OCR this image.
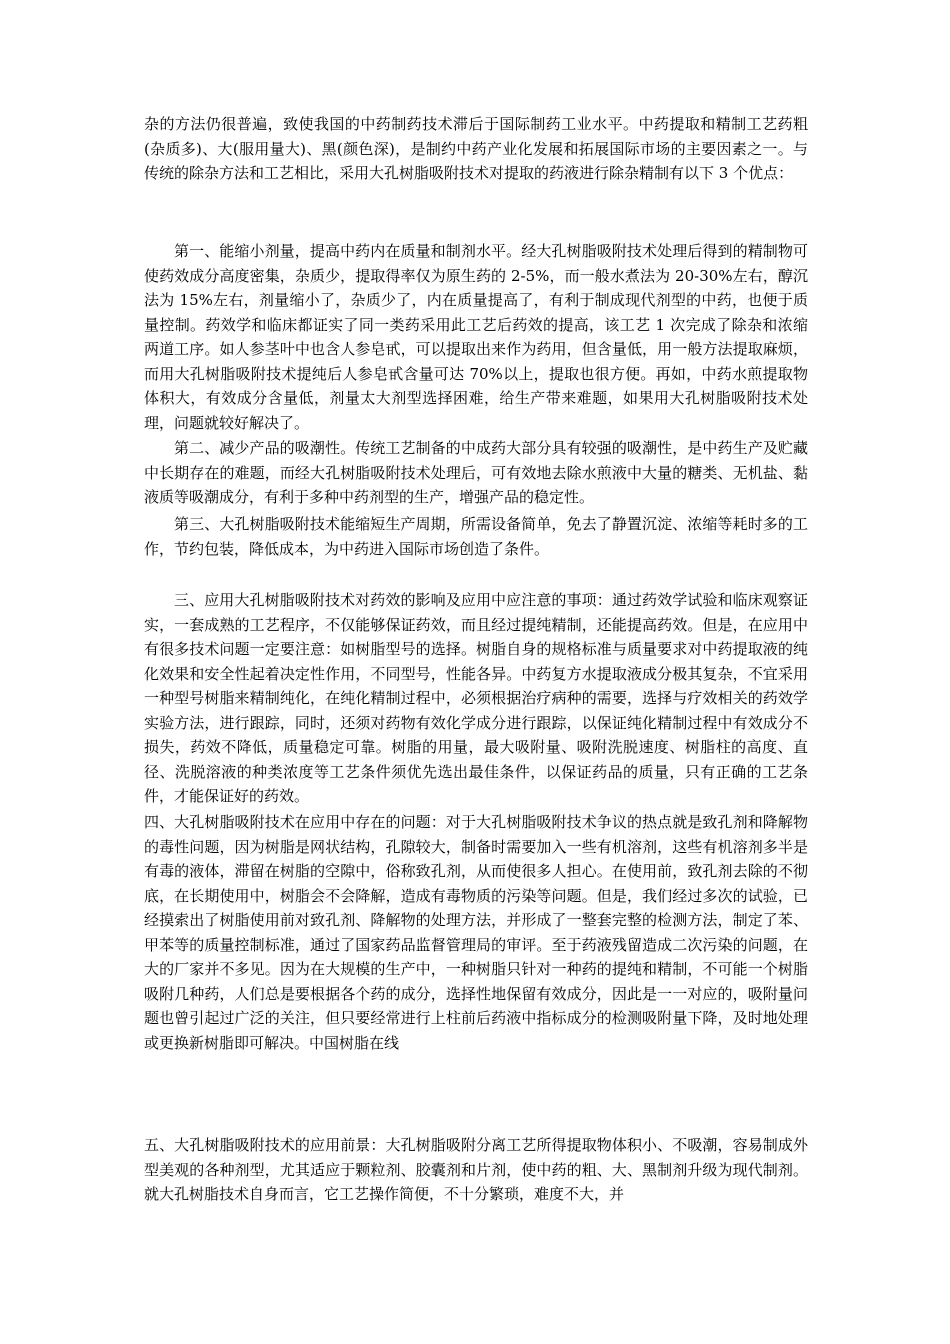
杂的方法仍很普遍，致使我国的中药制药技术滞后于国际制药工业水平。中药提取和精制工艺药粗(杂质多)、大(服用量大)、黑(颜色深)，是制约中药产业化发展和拓展国际市场的主要因素之一。与传统的除杂方法和工艺相比，采用大孔树脂吸附技术对提取的药液进行除杂精制有以下 3 个优点：

第一、能缩小剂量，提高中药内在质量和制剂水平。经大孔树脂吸附技术处理后得到的精制物可使药效成分高度密集，杂质少，提取得率仅为原生药的 2-5%，而一般水煮法为 20-30%左右，醇沉法为 15%左右，剂量缩小了，杂质少了，内在质量提高了，有利于制成现代剂型的中药，也便于质量控制。药效学和临床都证实了同一类药采用此工艺后药效的提高，该工艺 1 次完成了除杂和浓缩两道工序。如人参茎叶中也含人参皂甙，可以提取出来作为药用，但含量低，用一般方法提取麻烦，而用大孔树脂吸附技术提纯后人参皂甙含量可达 70%以上，提取也很方便。再如，中药水煎提取物体积大，有效成分含量低，剂量太大剂型选择困难，给生产带来难题，如果用大孔树脂吸附技术处理，问题就较好解决了。

第二、减少产品的吸潮性。传统工艺制备的中成药大部分具有较强的吸潮性，是中药生产及贮藏中长期存在的难题，而经大孔树脂吸附技术处理后，可有效地去除水煎液中大量的糖类、无机盐、黏液质等吸潮成分，有利于多种中药剂型的生产，增强产品的稳定性。

第三、大孔树脂吸附技术能缩短生产周期，所需设备简单，免去了静置沉淀、浓缩等耗时多的工作，节约包装，降低成本，为中药进入国际市场创造了条件。

三、应用大孔树脂吸附技术对药效的影响及应用中应注意的事项：通过药效学试验和临床观察证实，一套成熟的工艺程序，不仅能够保证药效，而且经过提纯精制，还能提高药效。但是，在应用中有很多技术问题一定要注意：如树脂型号的选择。树脂自身的规格标准与质量要求对中药提取液的纯化效果和安全性起着决定性作用，不同型号，性能各异。中药复方水提取液成分极其复杂，不宜采用一种型号树脂来精制纯化，在纯化精制过程中，必须根据治疗病种的需要，选择与疗效相关的药效学实验方法，进行跟踪，同时，还须对药物有效化学成分进行跟踪，以保证纯化精制过程中有效成分不损失，药效不降低，质量稳定可靠。树脂的用量，最大吸附量、吸附洗脱速度、树脂柱的高度、直径、洗脱溶液的种类浓度等工艺条件须优先选出最佳条件，以保证药品的质量，只有正确的工艺条件，才能保证好的药效。

四、大孔树脂吸附技术在应用中存在的问题：对于大孔树脂吸附技术争议的热点就是致孔剂和降解物的毒性问题，因为树脂是网状结构，孔隙较大，制备时需要加入一些有机溶剂，这些有机溶剂多半是有毒的液体，滞留在树脂的空隙中，俗称致孔剂，从而使很多人担心。在使用前，致孔剂去除的不彻底，在长期使用中，树脂会不会降解，造成有毒物质的污染等问题。但是，我们经过多次的试验，已经摸索出了树脂使用前对致孔剂、降解物的处理方法，并形成了一整套完整的检测方法，制定了苯、甲苯等的质量控制标准，通过了国家药品监督管理局的审评。至于药液残留造成二次污染的问题，在大的厂家并不多见。因为在大规模的生产中，一种树脂只针对一种药的提纯和精制，不可能一个树脂吸附几种药，人们总是要根据各个药的成分，选择性地保留有效成分，因此是一一对应的，吸附量问题也曾引起过广泛的关注，但只要经常进行上柱前后药液中指标成分的检测吸附量下降，及时地处理或更换新树脂即可解决。中国树脂在线

五、大孔树脂吸附技术的应用前景：大孔树脂吸附分离工艺所得提取物体积小、不吸潮，容易制成外型美观的各种剂型，尤其适应于颗粒剂、胶囊剂和片剂，使中药的粗、大、黑制剂升级为现代制剂。就大孔树脂技术自身而言，它工艺操作简便，不十分繁琐，难度不大，并
